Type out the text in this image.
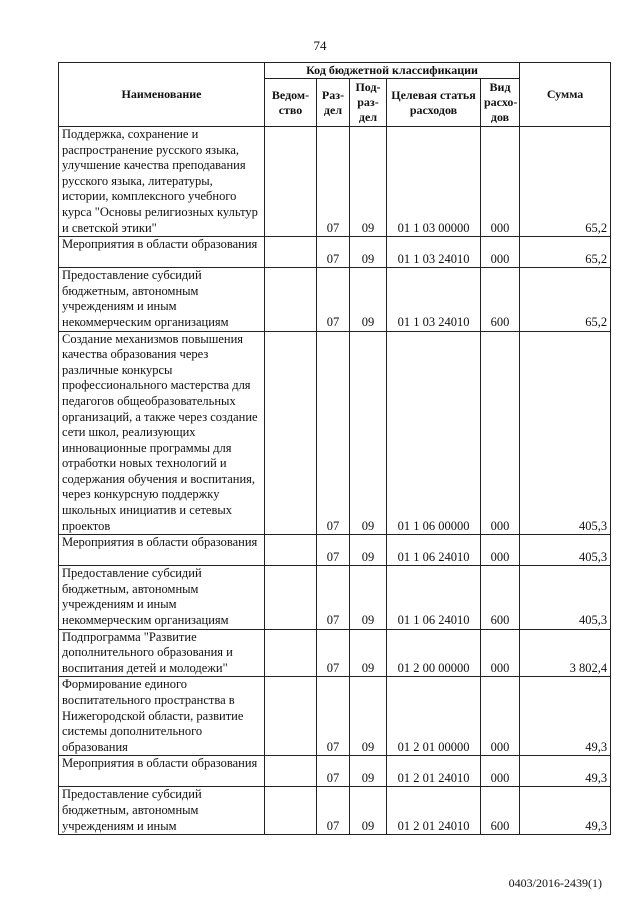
74
Наименование	Код бюджетной классификации					Сумма
	Ведом-ство	Раз-дел	Под-раз-дел	Целевая статья расходов	Вид расхо-дов	
Поддержка, сохранение и распространение русского языка, улучшение качества преподавания русского языка, литературы, истории, комплексного учебного курса "Основы религиозных культур и светской этики"		07	09	01 1 03 00000	000	65,2
Мероприятия в области образования		07	09	01 1 03 24010	000	65,2
Предоставление субсидий бюджетным, автономным учреждениям и иным некоммерческим организациям		07	09	01 1 03 24010	600	65,2
Создание механизмов повышения качества образования через различные конкурсы профессионального мастерства для педагогов общеобразовательных организаций, а также через создание сети школ, реализующих инновационные программы для отработки новых технологий и содержания обучения и воспитания, через конкурсную поддержку школьных инициатив и сетевых проектов		07	09	01 1 06 00000	000	405,3
Мероприятия в области образования		07	09	01 1 06 24010	000	405,3
Предоставление субсидий бюджетным, автономным учреждениям и иным некоммерческим организациям		07	09	01 1 06 24010	600	405,3
Подпрограмма "Развитие дополнительного образования и воспитания детей и молодежи"		07	09	01 2 00 00000	000	3 802,4
Формирование единого воспитательного пространства в Нижегородской области, развитие системы дополнительного образования		07	09	01 2 01 00000	000	49,3
Мероприятия в области образования		07	09	01 2 01 24010	000	49,3
Предоставление субсидий бюджетным, автономным учреждениям и иным		07	09	01 2 01 24010	600	49,3
0403/2016-2439(1)
